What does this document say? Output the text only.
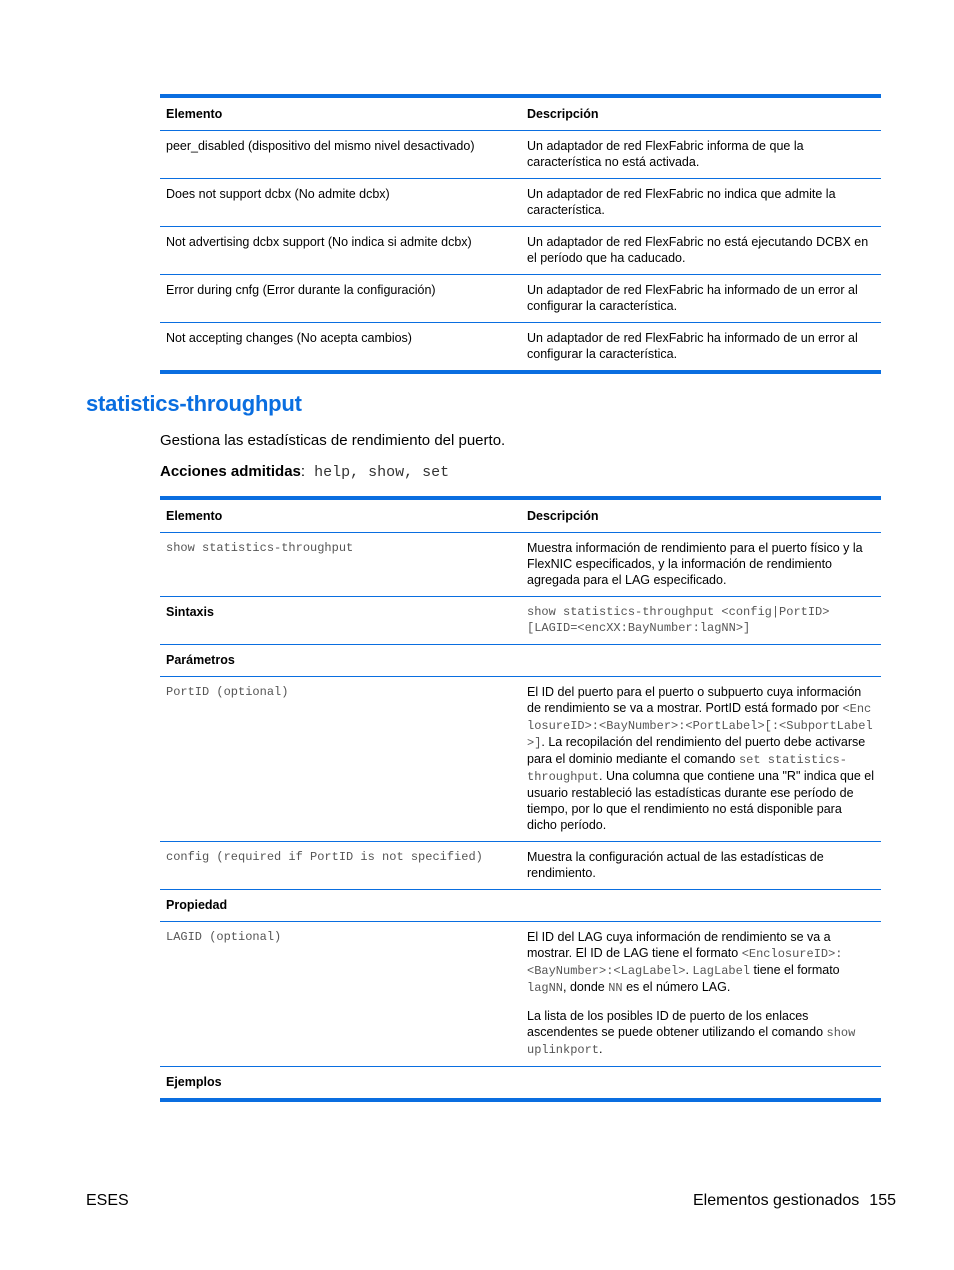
Elemento	Descripción
peer_disabled (dispositivo del mismo nivel desactivado)	Un adaptador de red FlexFabric informa de que la característica no está activada.
Does not support dcbx (No admite dcbx)	Un adaptador de red FlexFabric no indica que admite la característica.
Not advertising dcbx support (No indica si admite dcbx)	Un adaptador de red FlexFabric no está ejecutando DCBX en el período que ha caducado.
Error during cnfg (Error durante la configuración)	Un adaptador de red FlexFabric ha informado de un error al configurar la característica.
Not accepting changes (No acepta cambios)	Un adaptador de red FlexFabric ha informado de un error al configurar la característica.
statistics-throughput

Gestiona las estadísticas de rendimiento del puerto.

Acciones admitidas: help, show, set

Elemento	Descripción
show statistics-throughput	Muestra información de rendimiento para el puerto físico y la FlexNIC especificados, y la información de rendimiento agregada para el LAG especificado.
Sintaxis	show statistics-throughput <config|PortID> [LAGID=<encXX:BayNumber:lagNN>]
Parámetros	
PortID (optional)	El ID del puerto para el puerto o subpuerto cuya información de rendimiento se va a mostrar. PortID está formado por <EnclosureID>:<BayNumber>:<PortLabel>[:<SubportLabel>]. La recopilación del rendimiento del puerto debe activarse para el dominio mediante el comando set statistics-throughput. Una columna que contiene una "R" indica que el usuario restableció las estadísticas durante ese período de tiempo, por lo que el rendimiento no está disponible para dicho período.
config (required if PortID is not specified)	Muestra la configuración actual de las estadísticas de rendimiento.
Propiedad	
LAGID (optional)	El ID del LAG cuya información de rendimiento se va a mostrar. El ID de LAG tiene el formato <EnclosureID>:<BayNumber>:<LagLabel>. LagLabel tiene el formato lagNN, donde NN es el número LAG.
La lista de los posibles ID de puerto de los enlaces ascendentes se puede obtener utilizando el comando show uplinkport.

Ejemplos	
ESES	Elementos gestionados 155
